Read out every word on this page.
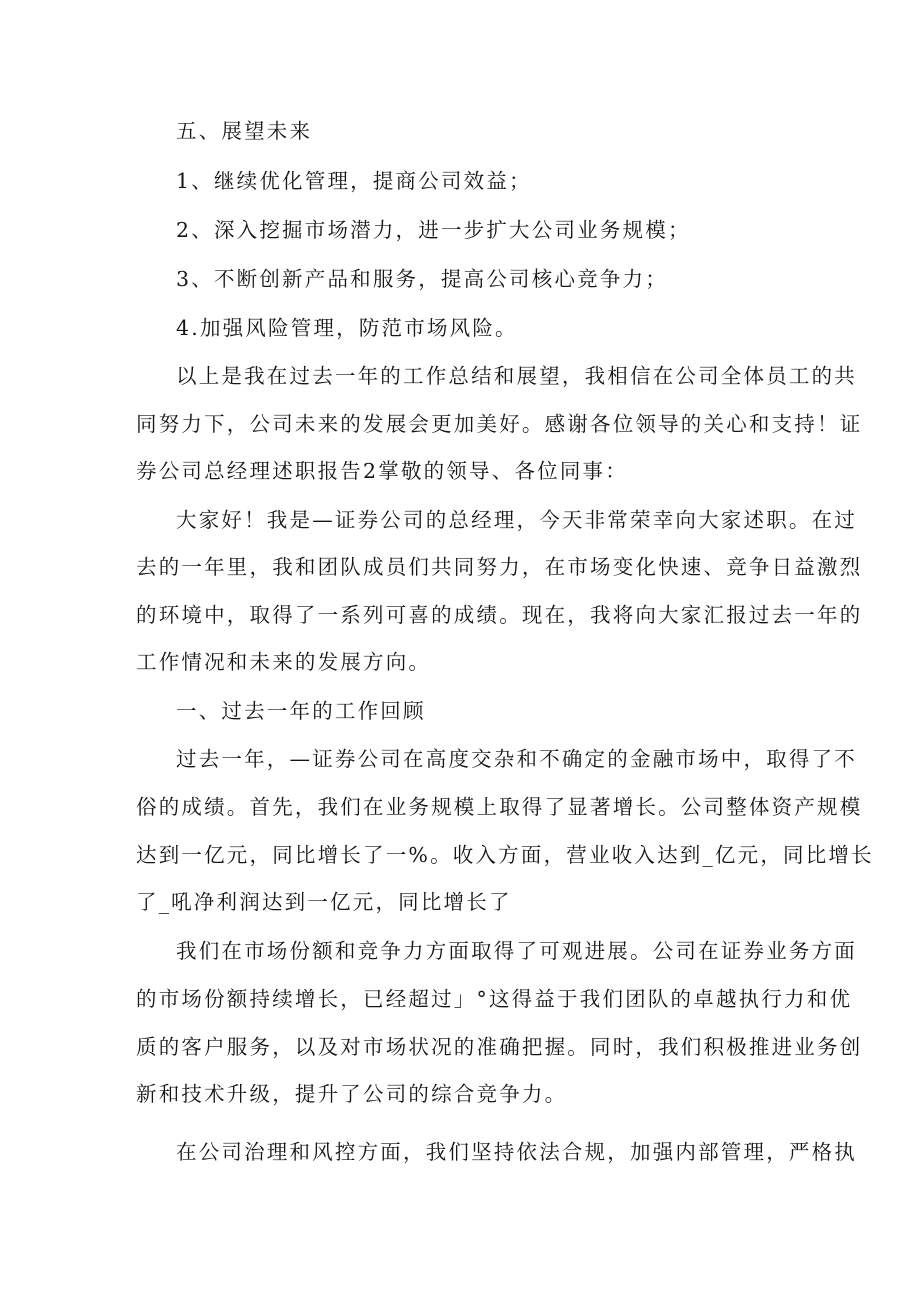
五、展望未来
1、继续优化管理，提商公司效益；
2、深入挖掘市场潜力，进一步扩大公司业务规模；
3、不断创新产品和服务，提高公司核心竞争力；
4.加强风险管理，防范市场风险。
以上是我在过去一年的工作总结和展望，我相信在公司全体员工的共
同努力下，公司未来的发展会更加美好。感谢各位领导的关心和支持！证
券公司总经理述职报告2掌敬的领导、各位同事：
大家好！我是—证券公司的总经理，今天非常荣幸向大家述职。在过
去的一年里，我和团队成员们共同努力，在市场变化快速、竞争日益激烈
的环境中，取得了一系列可喜的成绩。现在，我将向大家汇报过去一年的
工作情况和未来的发展方向。
一、过去一年的工作回顾
过去一年，—证券公司在高度交杂和不确定的金融市场中，取得了不
俗的成绩。首先，我们在业务规模上取得了显著增长。公司整体资产规模
达到一亿元，同比增长了一%。收入方面，营业收入达到_亿元，同比增长
了_吼净利润达到一亿元，同比增长了
我们在市场份额和竞争力方面取得了可观进展。公司在证券业务方面
的市场份额持续增长，已经超过」°这得益于我们团队的卓越执行力和优
质的客户服务，以及对市场状况的准确把握。同时，我们积极推进业务创
新和技术升级，提升了公司的综合竞争力。
在公司治理和风控方面，我们坚持依法合规，加强内部管理，严格执
